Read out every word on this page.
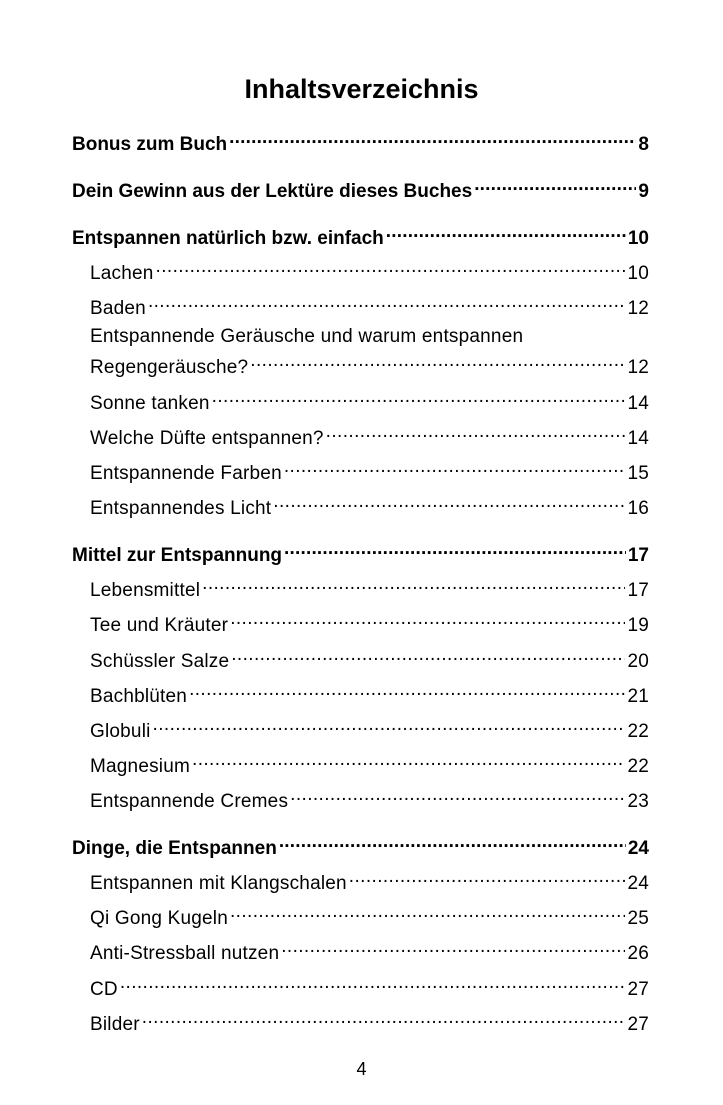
Inhaltsverzeichnis
Bonus zum Buch .....	8
Dein Gewinn aus der Lektüre dieses Buches .....	9
Entspannen natürlich bzw. einfach .....	10
Lachen .....	10
Baden .....	12
Entspannende Geräusche und warum entspannen
Regengeräusche? .....	12
Sonne tanken .....	14
Welche Düfte entspannen? .....	14
Entspannende Farben .....	15
Entspannendes Licht .....	16
Mittel zur Entspannung .....	17
Lebensmittel .....	17
Tee und Kräuter .....	19
Schüssler Salze .....	20
Bachblüten .....	21
Globuli .....	22
Magnesium .....	22
Entspannende Cremes .....	23
Dinge, die Entspannen .....	24
Entspannen mit Klangschalen .....	24
Qi Gong Kugeln .....	25
Anti-Stressball nutzen .....	26
CD .....	27
Bilder .....	27
4
